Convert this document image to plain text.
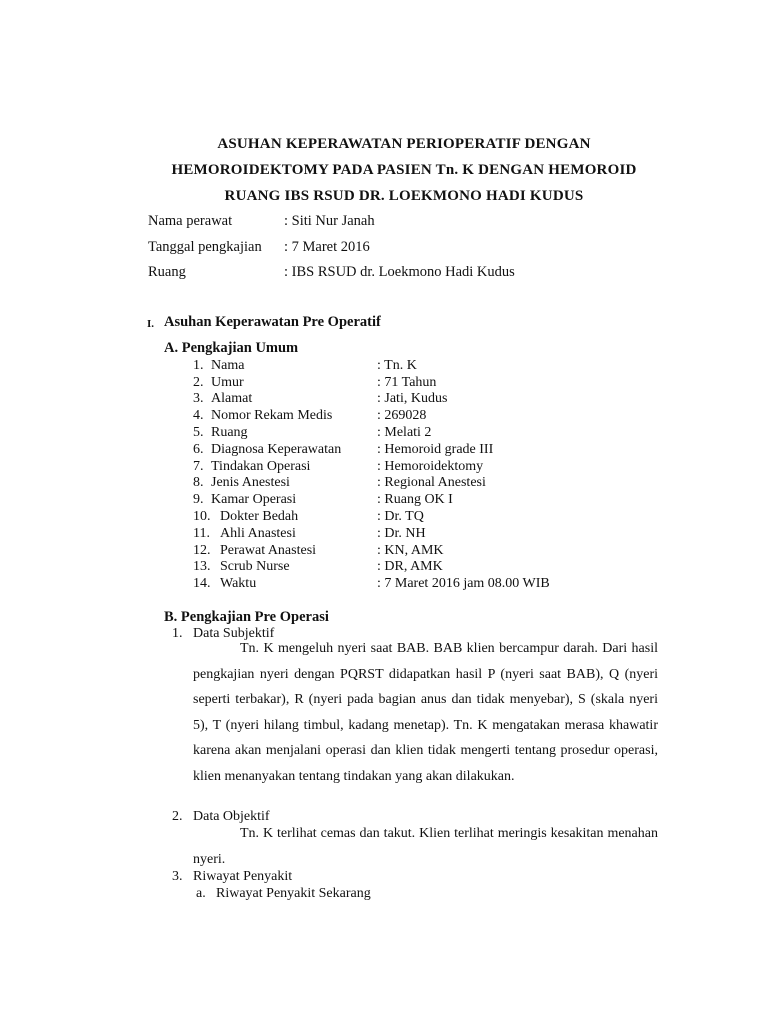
ASUHAN KEPERAWATAN PERIOPERATIF DENGAN
HEMOROIDEKTOMY PADA PASIEN Tn. K DENGAN HEMOROID
RUANG IBS RSUD DR. LOEKMONO HADI KUDUS
Nama perawat	: Siti Nur Janah
Tanggal pengkajian : 7 Maret 2016
Ruang	: IBS RSUD dr. Loekmono Hadi Kudus
I. Asuhan Keperawatan Pre Operatif
A. Pengkajian Umum
1. Nama	: Tn. K
2. Umur	: 71 Tahun
3. Alamat	: Jati, Kudus
4. Nomor Rekam Medis	: 269028
5. Ruang	: Melati 2
6. Diagnosa Keperawatan	: Hemoroid grade III
7. Tindakan Operasi	: Hemoroidektomy
8. Jenis Anestesi	: Regional Anestesi
9. Kamar Operasi	: Ruang OK I
10. Dokter Bedah	: Dr. TQ
11. Ahli Anastesi	: Dr. NH
12. Perawat Anastesi	: KN, AMK
13. Scrub Nurse	: DR, AMK
14. Waktu	: 7 Maret 2016 jam 08.00 WIB
B. Pengkajian Pre Operasi
1. Data Subjektif
Tn. K mengeluh nyeri saat BAB. BAB klien bercampur darah. Dari hasil pengkajian nyeri dengan PQRST didapatkan hasil P (nyeri saat BAB), Q (nyeri seperti terbakar), R (nyeri pada bagian anus dan tidak menyebar), S (skala nyeri 5), T (nyeri hilang timbul, kadang menetap). Tn. K mengatakan merasa khawatir karena akan menjalani operasi dan klien tidak mengerti tentang prosedur operasi, klien menanyakan tentang tindakan yang akan dilakukan.
2. Data Objektif
Tn. K terlihat cemas dan takut. Klien terlihat meringis kesakitan menahan nyeri.
3. Riwayat Penyakit
a. Riwayat Penyakit Sekarang
